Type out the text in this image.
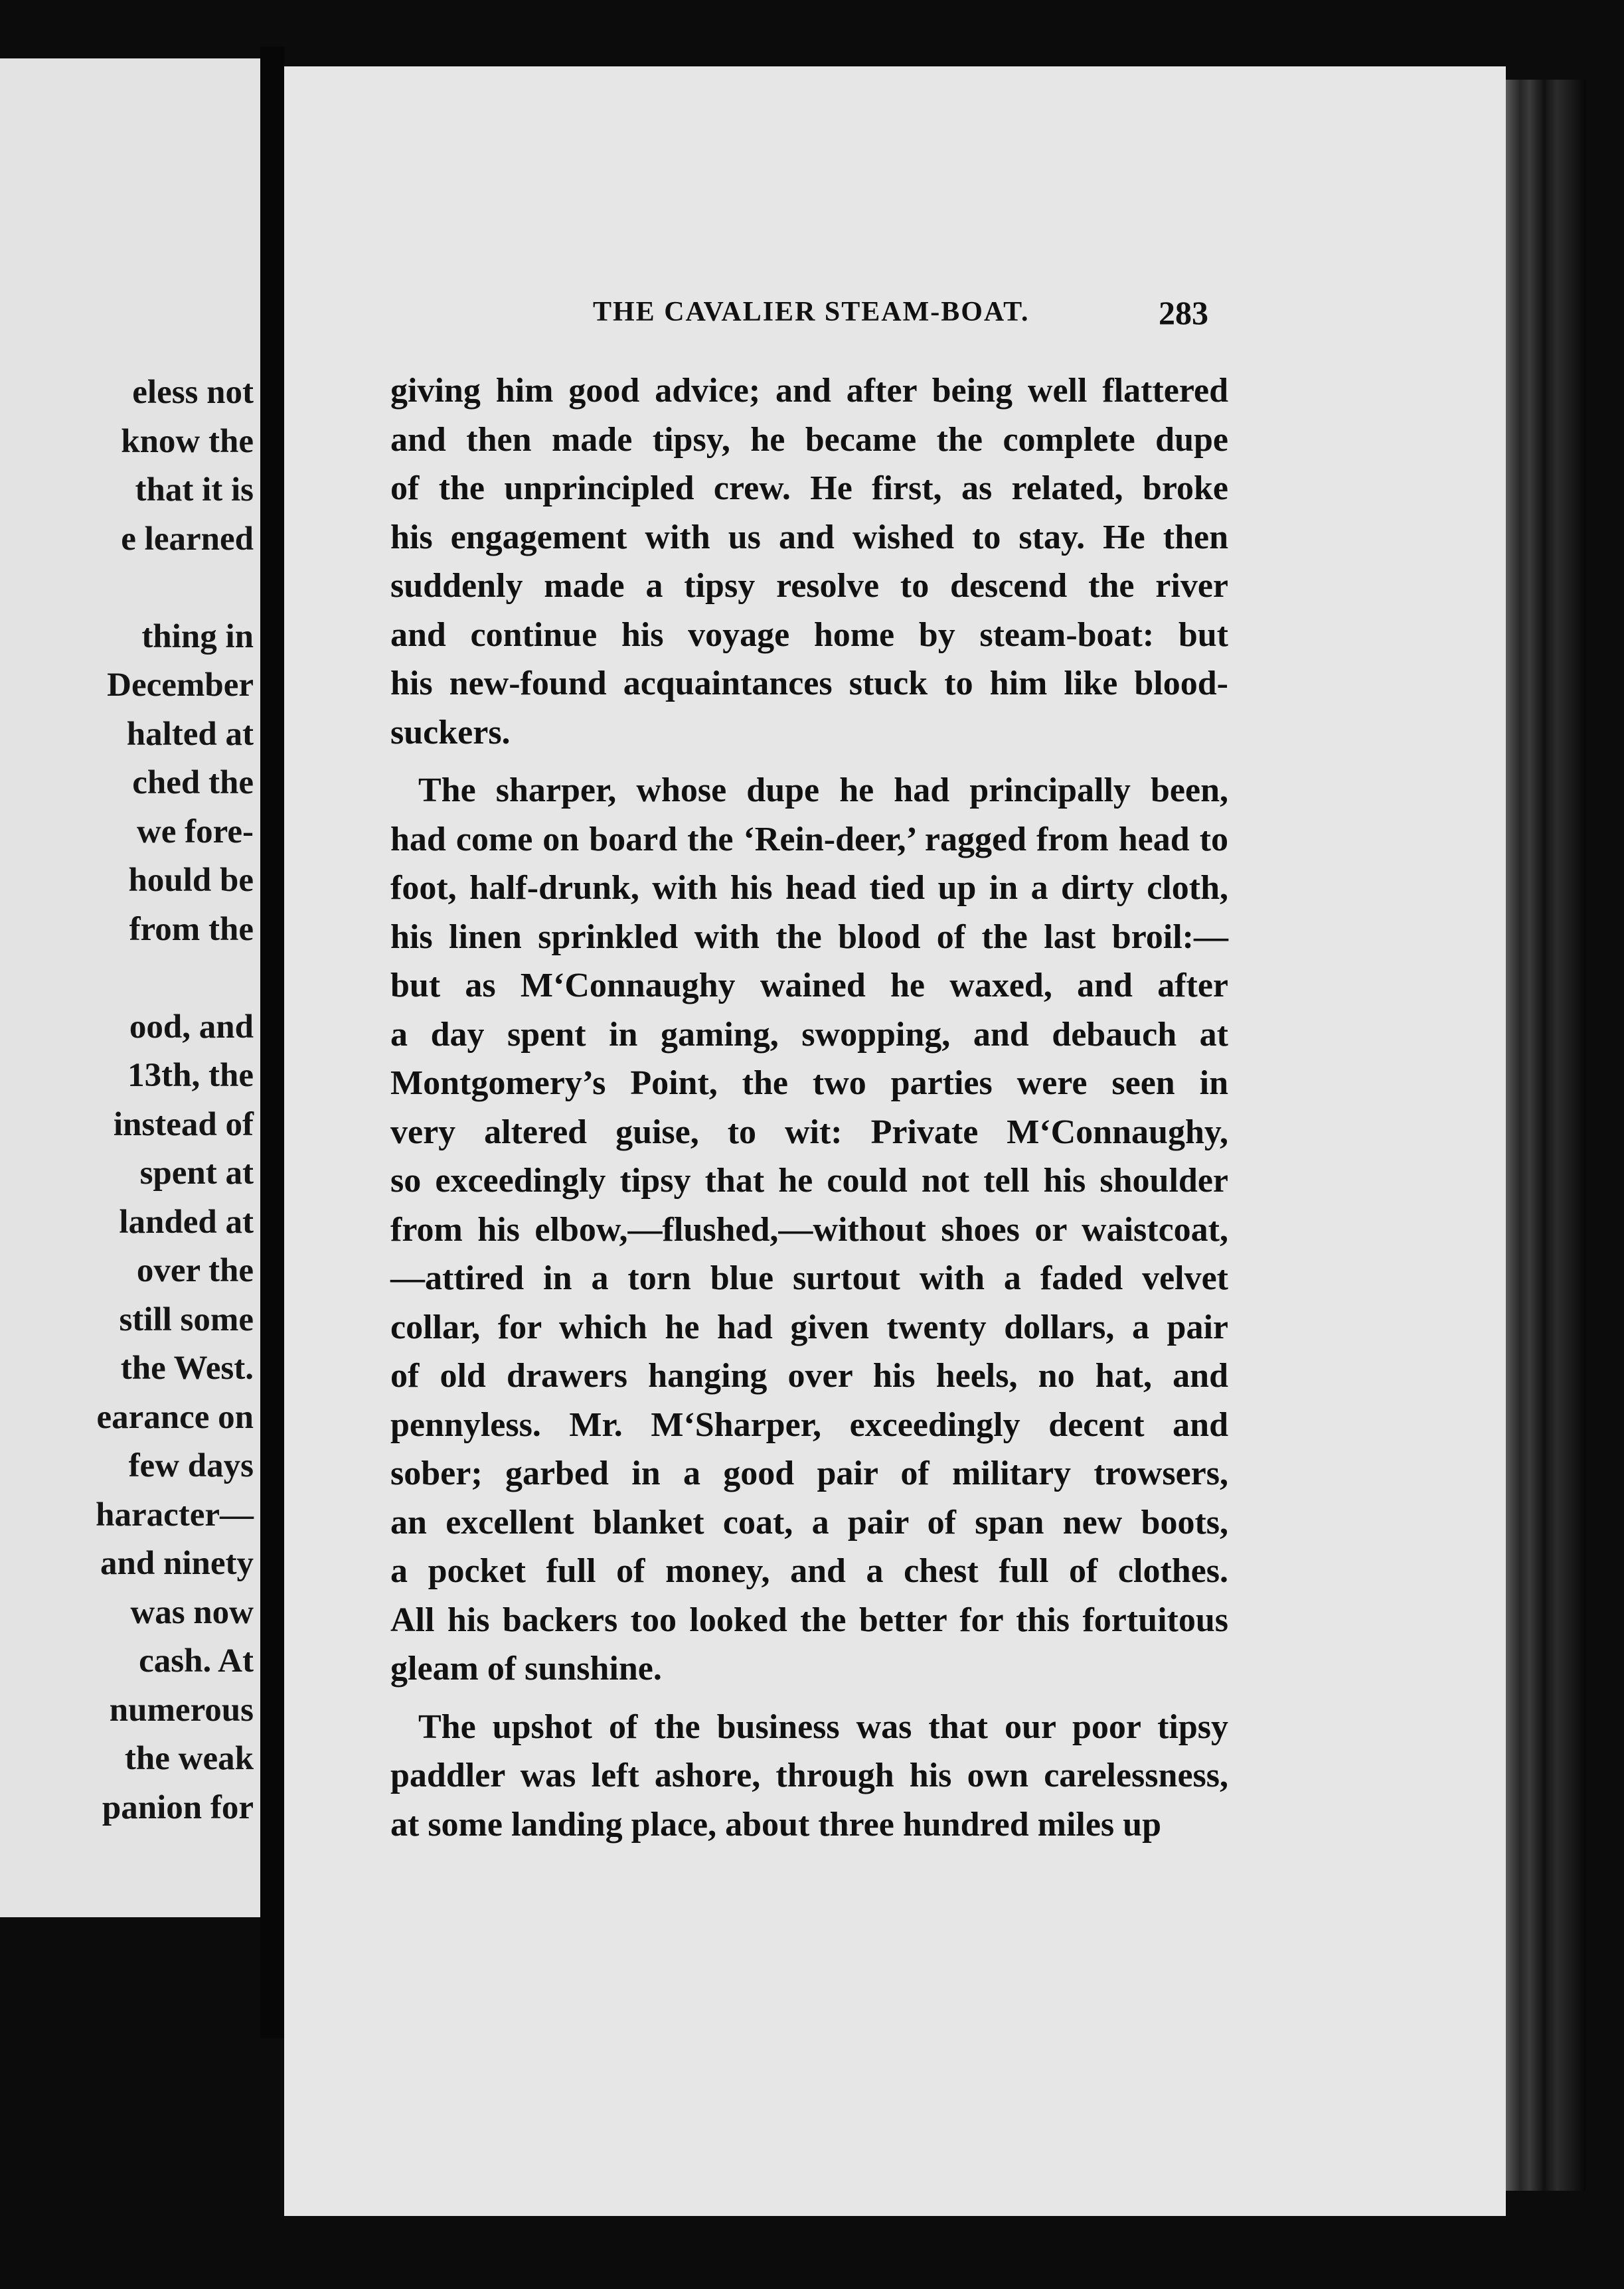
eless not
know the
that it is
e learned
thing in
December
halted at
ched the
we fore-
hould be
from the
ood, and
13th, the
instead of
spent at
landed at
over the
still some
the West.
earance on
few days
haracter—
and ninety
was now
cash. At
numerous
the weak
panion for
THE CAVALIER STEAM-BOAT.	283
giving him good advice; and after being well flattered
and then made tipsy, he became the complete dupe
of the unprincipled crew. He first, as related, broke
his engagement with us and wished to stay. He then
suddenly made a tipsy resolve to descend the river
and continue his voyage home by steam-boat: but
his new-found acquaintances stuck to him like blood-
suckers.
The sharper, whose dupe he had principally been,
had come on board the ‘Rein-deer,’ ragged from head to
foot, half-drunk, with his head tied up in a dirty cloth,
his linen sprinkled with the blood of the last broil:—
but as M‘Connaughy wained he waxed, and after
a day spent in gaming, swopping, and debauch at
Montgomery’s Point, the two parties were seen in
very altered guise, to wit: Private M‘Connaughy,
so exceedingly tipsy that he could not tell his shoulder
from his elbow,—flushed,—without shoes or waistcoat,
—attired in a torn blue surtout with a faded velvet
collar, for which he had given twenty dollars, a pair
of old drawers hanging over his heels, no hat, and
pennyless. Mr. M‘Sharper, exceedingly decent and
sober; garbed in a good pair of military trowsers,
an excellent blanket coat, a pair of span new boots,
a pocket full of money, and a chest full of clothes.
All his backers too looked the better for this fortuitous
gleam of sunshine.
The upshot of the business was that our poor tipsy
paddler was left ashore, through his own carelessness,
at some landing place, about three hundred miles up
